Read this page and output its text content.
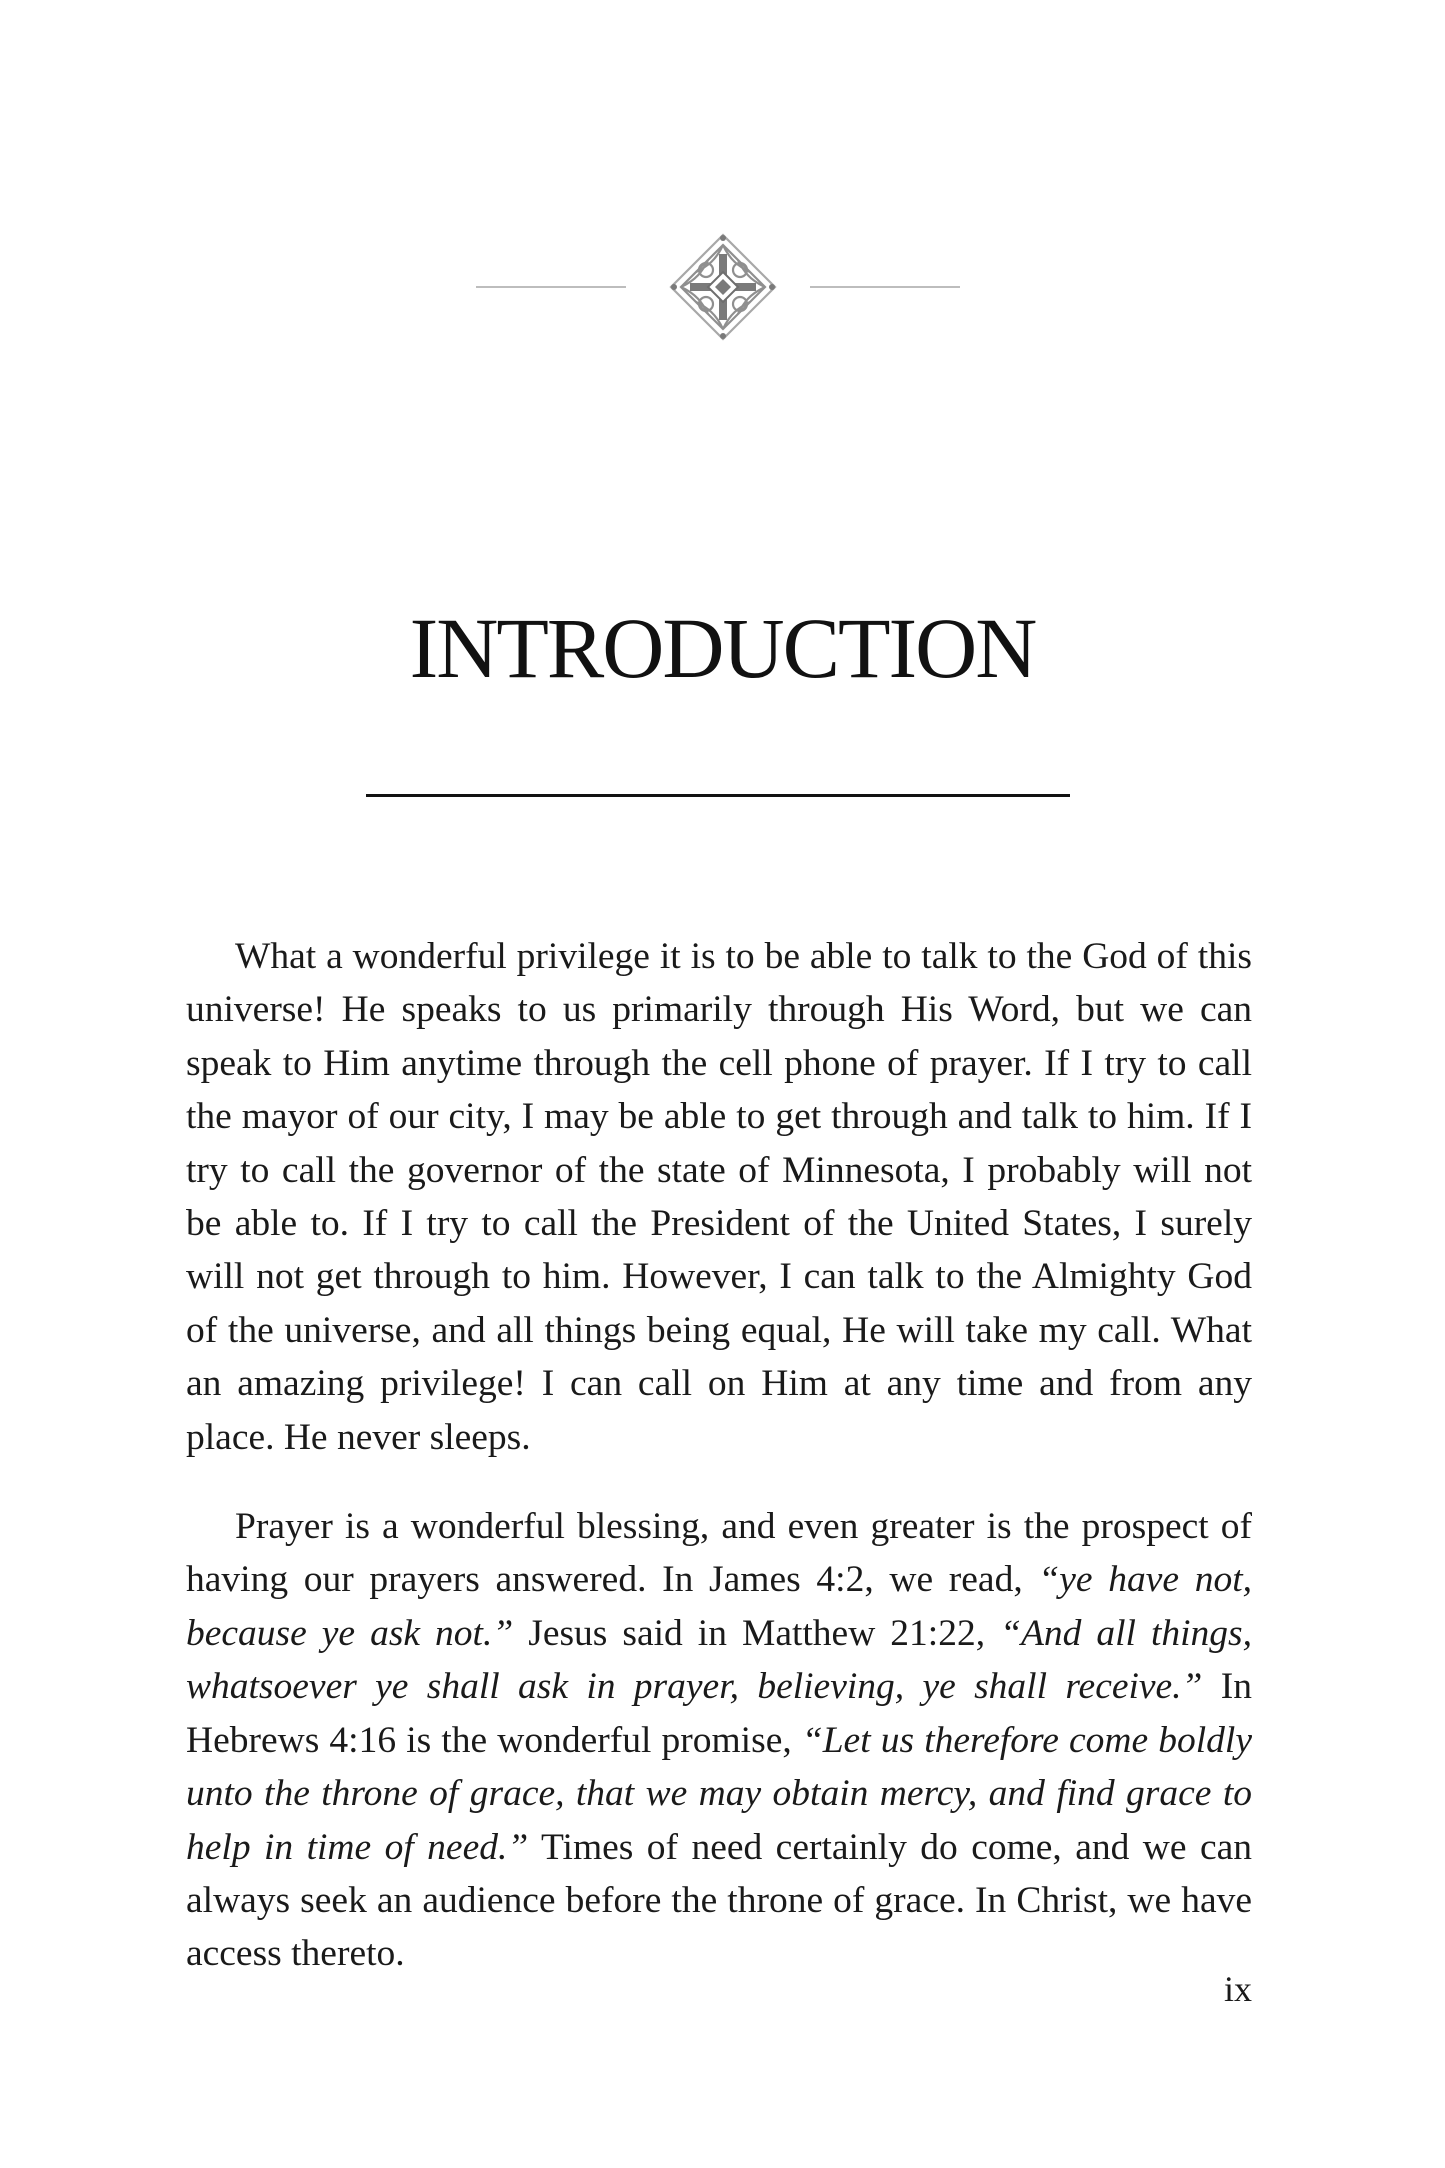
INTRODUCTION

What a wonderful privilege it is to be able to talk to the God of this universe! He speaks to us primarily through His Word, but we can speak to Him anytime through the cell phone of prayer. If I try to call the mayor of our city, I may be able to get through and talk to him. If I try to call the governor of the state of Minnesota, I probably will not be able to. If I try to call the President of the United States, I surely will not get through to him. However, I can talk to the Almighty God of the universe, and all things being equal, He will take my call. What an amazing privilege! I can call on Him at any time and from any place. He never sleeps.

Prayer is a wonderful blessing, and even greater is the prospect of having our prayers answered. In James 4:2, we read, “ye have not, because ye ask not.” Jesus said in Matthew 21:22, “And all things, whatsoever ye shall ask in prayer, believing, ye shall receive.” In Hebrews 4:16 is the wonderful promise, “Let us therefore come boldly unto the throne of grace, that we may obtain mercy, and find grace to help in time of need.” Times of need certainly do come, and we can always seek an audience before the throne of grace. In Christ, we have access thereto.

ix
